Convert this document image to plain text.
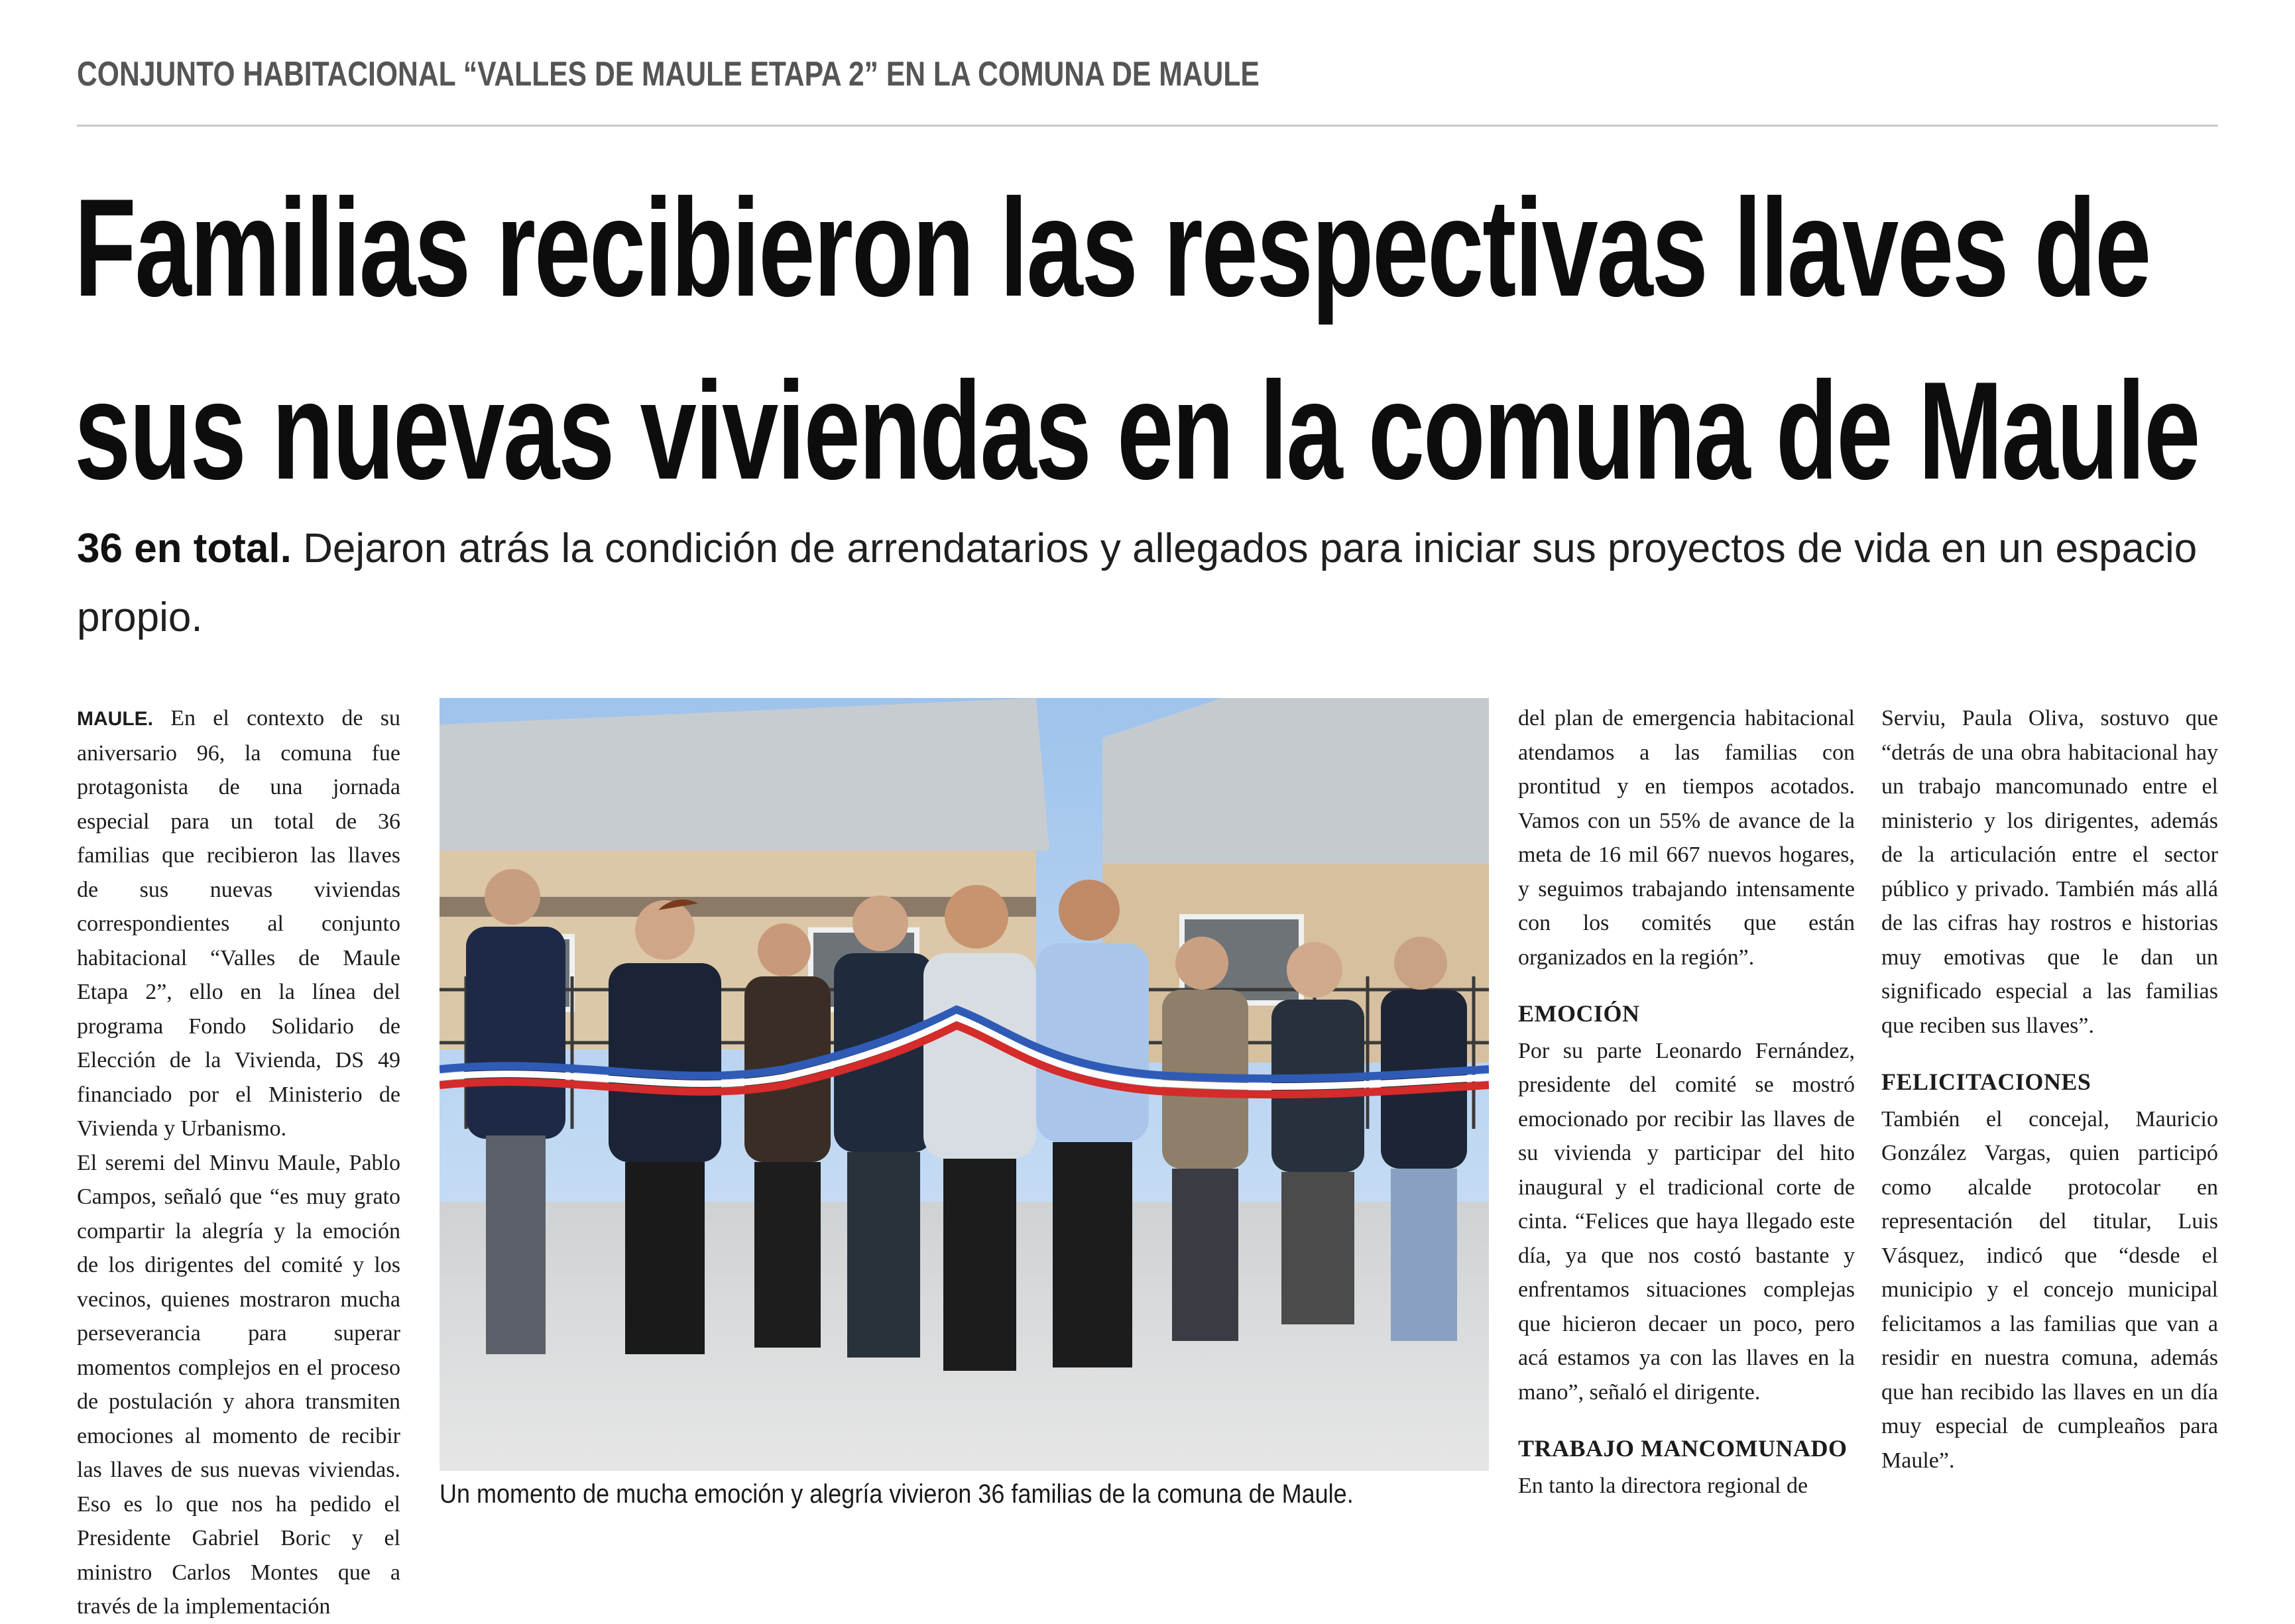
CONJUNTO HABITACIONAL “VALLES DE MAULE ETAPA 2” EN LA COMUNA DE MAULE
Familias recibieron las respectivas llaves de
sus nuevas viviendas en la comuna de Maule
36 en total. Dejaron atrás la condición de arrendatarios y allegados para iniciar sus proyectos de vida en un espacio propio.

MAULE. En el contexto de su aniversario 96, la comuna fue protagonista de una jornada especial para un total de 36 familias que recibieron las llaves de sus nuevas viviendas correspondientes al conjunto habitacional “Valles de Maule Etapa 2”, ello en la línea del programa Fondo Solidario de Elección de la Vivienda, DS 49 financiado por el Ministerio de Vivienda y Urbanismo.

El seremi del Minvu Maule, Pablo Campos, señaló que “es muy grato compartir la alegría y la emoción de los dirigentes del comité y los vecinos, quienes mostraron mucha perseverancia para superar momentos complejos en el proceso de postulación y ahora transmiten emociones al momento de recibir las llaves de sus nuevas viviendas. Eso es lo que nos ha pedido el Presidente Gabriel Boric y el ministro Carlos Montes que a través de la implementación

Un momento de mucha emoción y alegría vivieron 36 familias de la comuna de Maule.

del plan de emergencia habitacional atendamos a las familias con prontitud y en tiempos acotados. Vamos con un 55% de avance de la meta de 16 mil 667 nuevos hogares, y seguimos trabajando intensamente con los comités que están organizados en la región”.

EMOCIÓN

Por su parte Leonardo Fernández, presidente del comité se mostró emocionado por recibir las llaves de su vivienda y participar del hito inaugural y el tradicional corte de cinta. “Felices que haya llegado este día, ya que nos costó bastante y enfrentamos situaciones complejas que hicieron decaer un poco, pero acá estamos ya con las llaves en la mano”, señaló el dirigente.

TRABAJO MANCOMUNADO

En tanto la directora regional de

Serviu, Paula Oliva, sostuvo que “detrás de una obra habitacional hay un trabajo mancomunado entre el ministerio y los dirigentes, además de la articulación entre el sector público y privado. También más allá de las cifras hay rostros e historias muy emotivas que le dan un significado especial a las familias que reciben sus llaves”.

FELICITACIONES

También el concejal, Mauricio González Vargas, quien participó como alcalde protocolar en representación del titular, Luis Vásquez, indicó que “desde el municipio y el concejo municipal felicitamos a las familias que van a residir en nuestra comuna, además que han recibido las llaves en un día muy especial de cumpleaños para Maule”.
